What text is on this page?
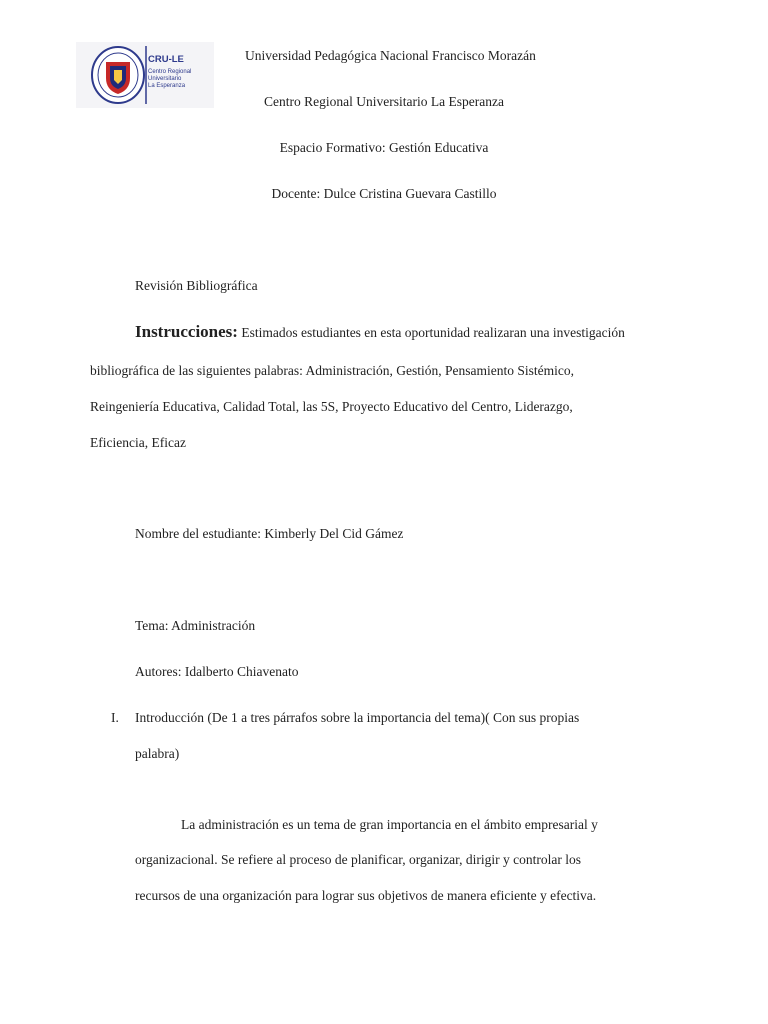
CRU-LE
Centro Regional
Universitario
La Esperanza
Universidad Pedagógica Nacional Francisco Morazán
Centro Regional Universitario La Esperanza
Espacio Formativo: Gestión Educativa
Docente: Dulce Cristina Guevara Castillo
Revisión Bibliográfica
Instrucciones: Estimados estudiantes en esta oportunidad realizaran una investigación
bibliográfica de las siguientes palabras: Administración, Gestión, Pensamiento Sistémico,
Reingeniería Educativa, Calidad Total, las 5S, Proyecto Educativo del Centro, Liderazgo,
Eficiencia, Eficaz
Nombre del estudiante: Kimberly Del Cid Gámez
Tema: Administración
Autores: Idalberto Chiavenato
I. Introducción (De 1 a tres párrafos sobre la importancia del tema)( Con sus propias
palabra)
La administración es un tema de gran importancia en el ámbito empresarial y
organizacional. Se refiere al proceso de planificar, organizar, dirigir y controlar los
recursos de una organización para lograr sus objetivos de manera eficiente y efectiva.
